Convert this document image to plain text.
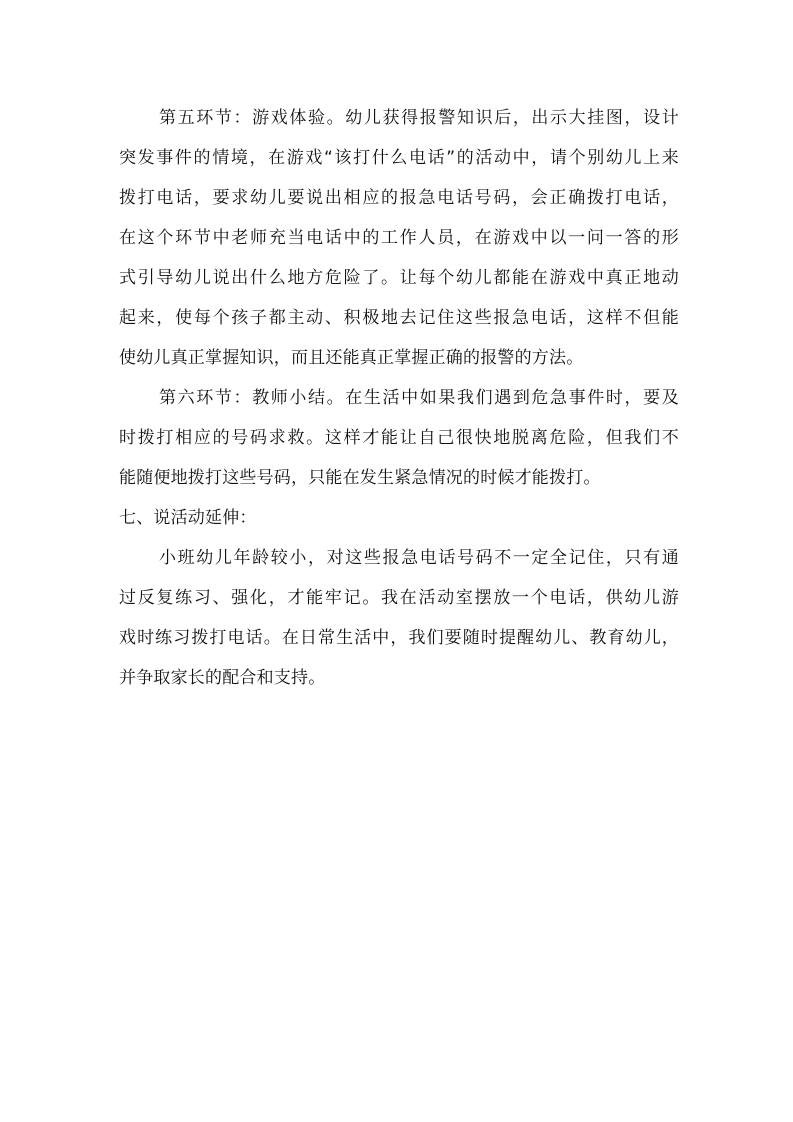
第五环节：游戏体验。幼儿获得报警知识后，出示大挂图，设计
突发事件的情境，在游戏“该打什么电话”的活动中，请个别幼儿上来
拨打电话，要求幼儿要说出相应的报急电话号码，会正确拨打电话，
在这个环节中老师充当电话中的工作人员，在游戏中以一问一答的形
式引导幼儿说出什么地方危险了。让每个幼儿都能在游戏中真正地动
起来，使每个孩子都主动、积极地去记住这些报急电话，这样不但能
使幼儿真正掌握知识，而且还能真正掌握正确的报警的方法。
第六环节：教师小结。在生活中如果我们遇到危急事件时，要及
时拨打相应的号码求救。这样才能让自己很快地脱离危险，但我们不
能随便地拨打这些号码，只能在发生紧急情况的时候才能拨打。
七、说活动延伸：
小班幼儿年龄较小，对这些报急电话号码不一定全记住，只有通
过反复练习、强化，才能牢记。我在活动室摆放一个电话，供幼儿游
戏时练习拨打电话。在日常生活中，我们要随时提醒幼儿、教育幼儿，
并争取家长的配合和支持。
